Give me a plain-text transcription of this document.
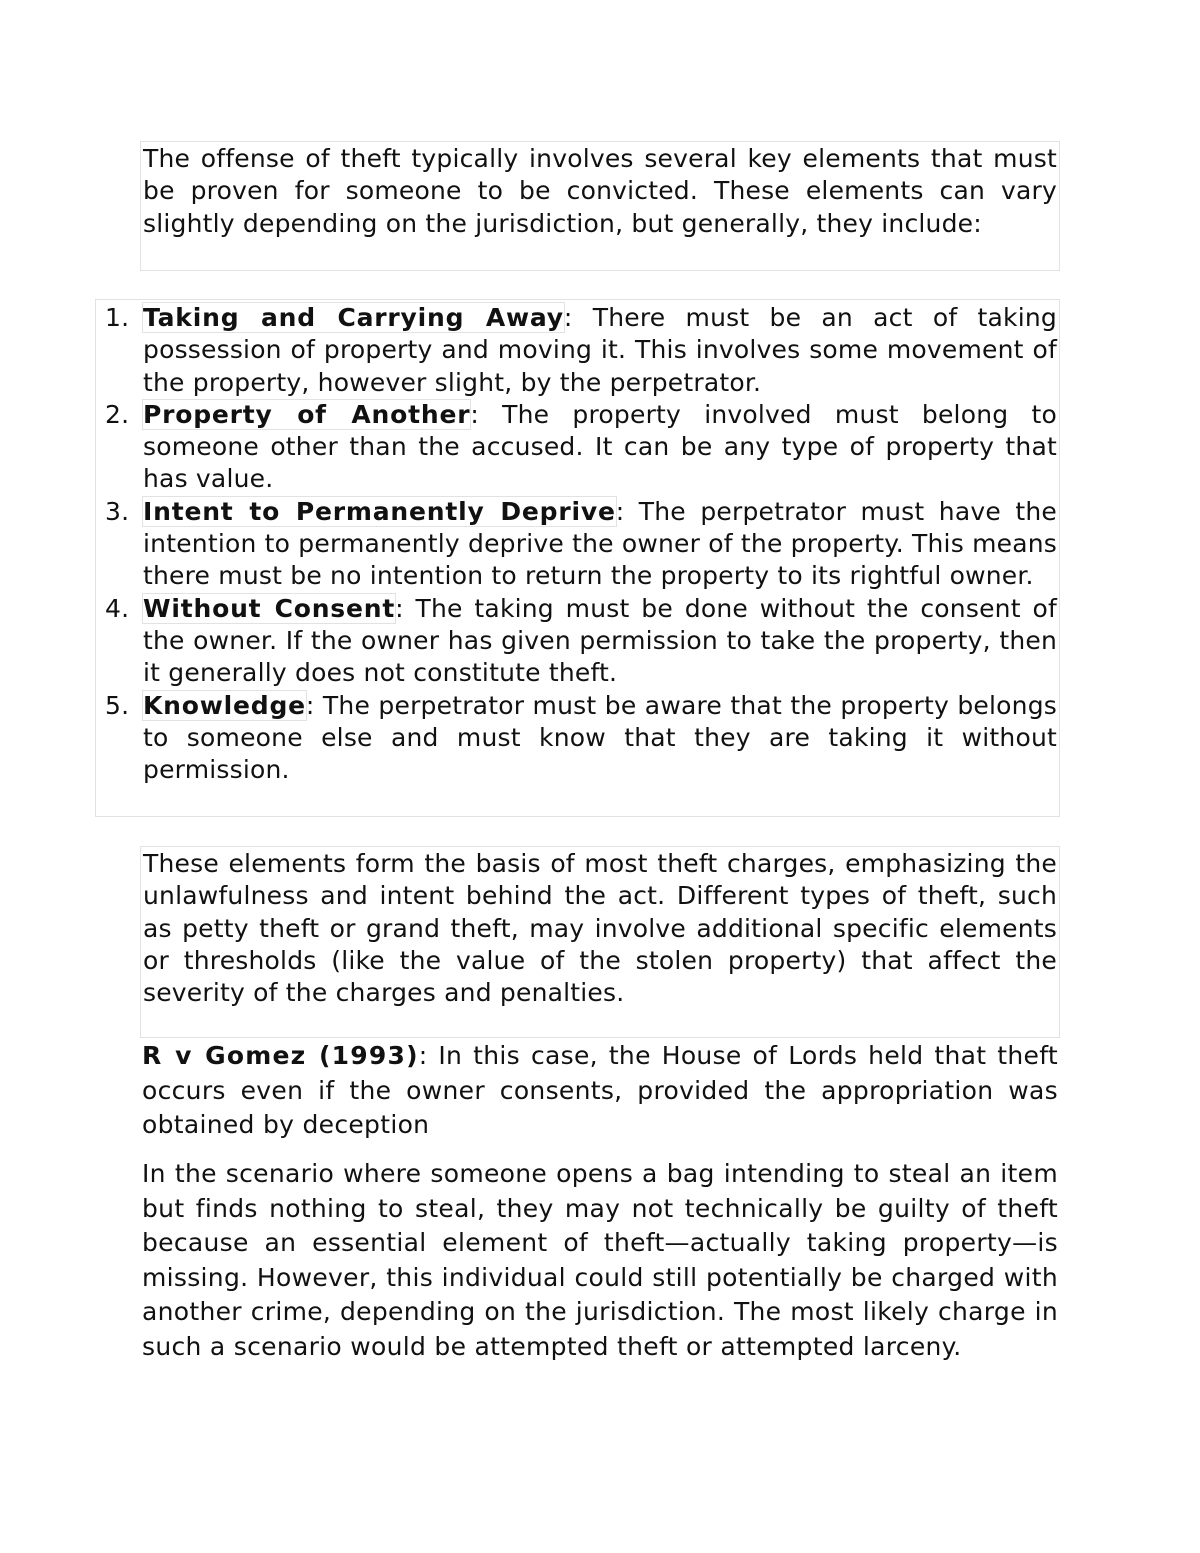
The offense of theft typically involves several key elements that must be proven for someone to be convicted. These elements can vary slightly depending on the jurisdiction, but generally, they include:
1. Taking and Carrying Away: There must be an act of taking possession of property and moving it. This involves some movement of the property, however slight, by the perpetrator.
2. Property of Another: The property involved must belong to someone other than the accused. It can be any type of property that has value.
3. Intent to Permanently Deprive: The perpetrator must have the intention to permanently deprive the owner of the property. This means there must be no intention to return the property to its rightful owner.
4. Without Consent: The taking must be done without the consent of the owner. If the owner has given permission to take the property, then it generally does not constitute theft.
5. Knowledge: The perpetrator must be aware that the property belongs to someone else and must know that they are taking it without permission.
These elements form the basis of most theft charges, emphasizing the unlawfulness and intent behind the act. Different types of theft, such as petty theft or grand theft, may involve additional specific elements or thresholds (like the value of the stolen property) that affect the severity of the charges and penalties.
R v Gomez (1993): In this case, the House of Lords held that theft occurs even if the owner consents, provided the appropriation was obtained by deception
In the scenario where someone opens a bag intending to steal an item but finds nothing to steal, they may not technically be guilty of theft because an essential element of theft—actually taking property—is missing. However, this individual could still potentially be charged with another crime, depending on the jurisdiction. The most likely charge in such a scenario would be attempted theft or attempted larceny.
